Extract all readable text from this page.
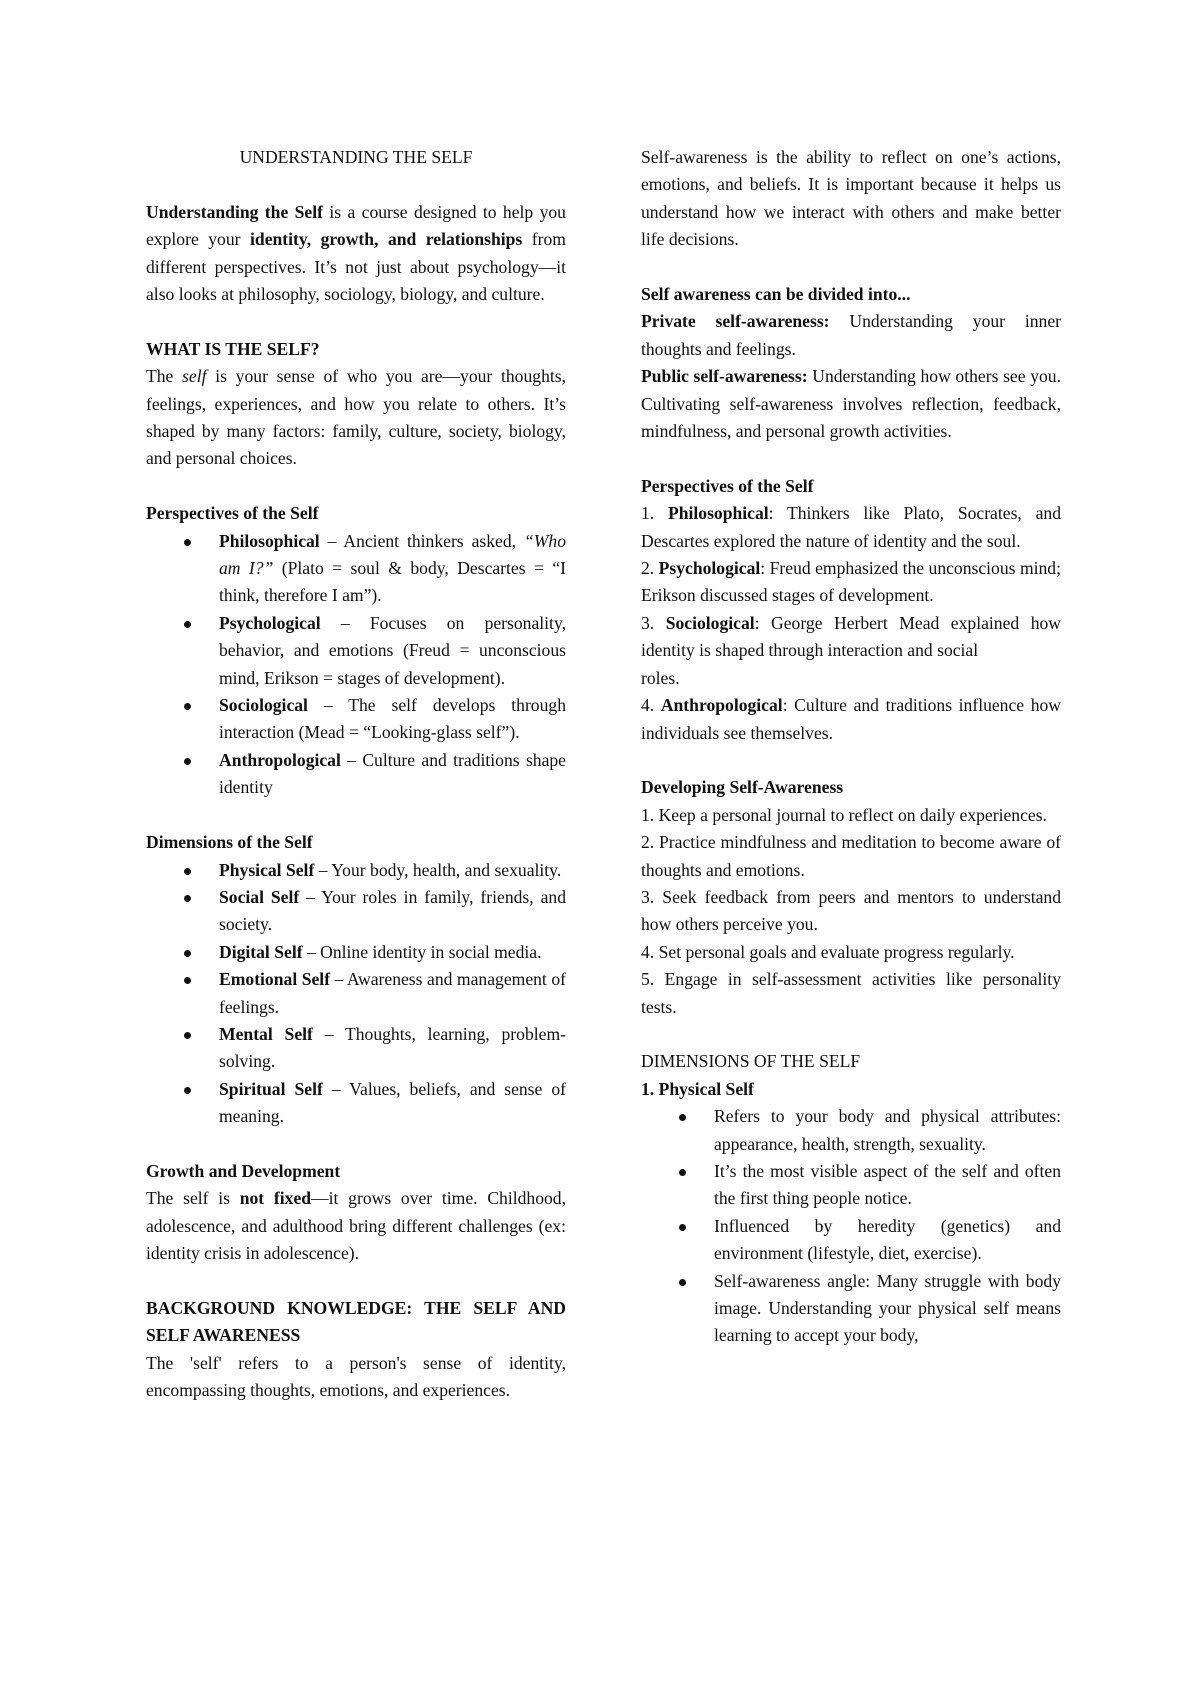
UNDERSTANDING THE SELF

Understanding the Self is a course designed to help you explore your identity, growth, and relationships from different perspectives. It’s not just about psychology—it also looks at philosophy, sociology, biology, and culture.

WHAT IS THE SELF?

The self is your sense of who you are—your thoughts, feelings, experiences, and how you relate to others. It’s shaped by many factors: family, culture, society, biology, and personal choices.

Perspectives of the Self

Philosophical – Ancient thinkers asked, “Who am I?” (Plato = soul & body, Descartes = “I think, therefore I am”).
Psychological – Focuses on personality, behavior, and emotions (Freud = unconscious mind, Erikson = stages of development).
Sociological – The self develops through interaction (Mead = “Looking-glass self”).
Anthropological – Culture and traditions shape identity

Dimensions of the Self

Physical Self – Your body, health, and sexuality.
Social Self – Your roles in family, friends, and society.
Digital Self – Online identity in social media.
Emotional Self – Awareness and management of feelings.
Mental Self – Thoughts, learning, problem-solving.
Spiritual Self – Values, beliefs, and sense of meaning.

Growth and Development

The self is not fixed—it grows over time. Childhood, adolescence, and adulthood bring different challenges (ex: identity crisis in adolescence).

BACKGROUND KNOWLEDGE: THE SELF AND SELF AWARENESS

The 'self' refers to a person's sense of identity, encompassing thoughts, emotions, and experiences.

Self-awareness is the ability to reflect on one’s actions, emotions, and beliefs. It is important because it helps us understand how we interact with others and make better life decisions.

Self awareness can be divided into...

Private self-awareness: Understanding your inner thoughts and feelings.

Public self-awareness: Understanding how others see you. Cultivating self-awareness involves reflection, feedback, mindfulness, and personal growth activities.

Perspectives of the Self

1. Philosophical: Thinkers like Plato, Socrates, and Descartes explored the nature of identity and the soul.

2. Psychological: Freud emphasized the unconscious mind; Erikson discussed stages of development.

3. Sociological: George Herbert Mead explained how identity is shaped through interaction and social

roles.

4. Anthropological: Culture and traditions influence how individuals see themselves.

Developing Self-Awareness

1. Keep a personal journal to reflect on daily experiences.

2. Practice mindfulness and meditation to become aware of thoughts and emotions.

3. Seek feedback from peers and mentors to understand how others perceive you.

4. Set personal goals and evaluate progress regularly.

5. Engage in self-assessment activities like personality tests.

DIMENSIONS OF THE SELF

1. Physical Self

Refers to your body and physical attributes: appearance, health, strength, sexuality.
It’s the most visible aspect of the self and often the first thing people notice.
Influenced by heredity (genetics) and environment (lifestyle, diet, exercise).
Self-awareness angle: Many struggle with body image. Understanding your physical self means learning to accept your body,
